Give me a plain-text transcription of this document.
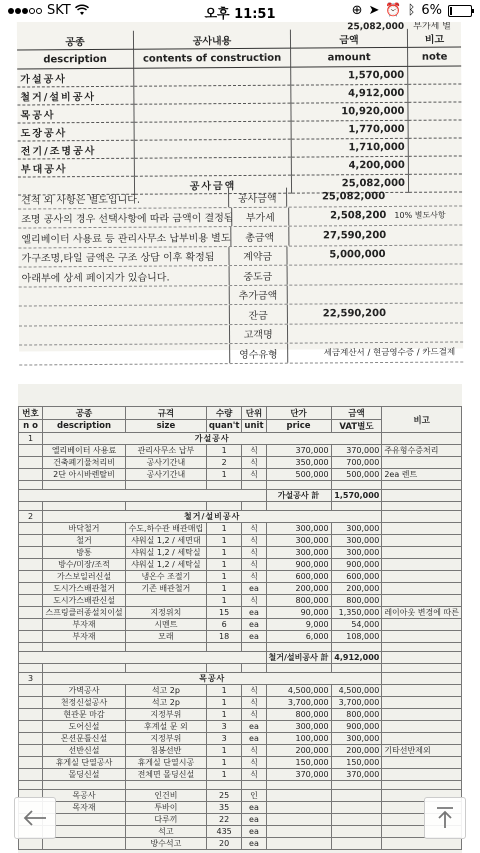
SKT	오후 11:51	⊕ ➤ ⏰ ᛒ 6%
25,082,000 부가세 별
공종	공사내용	금액	비고
description	contents of construction	amount	note
가설공사		1,570,000	
철거/설비공사		4,912,000	
목공사		10,920,000	
도장공사		1,770,000	
전기/조명공사		1,710,000	
부대공사		4,200,000	
	공사금액	25,082,000	
견적 외 사항은 별도입니다.	공사금액	25,082,000
조명 공사의 경우 선택사항에 따라 금액이 결정됨	부가세	2,508,200 10% 별도사항
엘리베이터 사용료 등 관리사무소 납부비용 별도	총금액	27,590,200
가구조명,타일 금액은 구조 상담 이후 확정됨	계약금	5,000,000
아래부에 상세 페이지가 있습니다.	중도금
추가금액
잔금	22,590,200
고객명
영수유형	세금계산서 / 현금영수증 / 카드결제
번호	공종	규격	수량	단위	단가	금액	비고
n o	description	size	quan't	unit	price	VAT별도	
1	가설공사						
	엘리베이터 사용료	관리사무소 납부	1	식	370,000	370,000	주유형수증처리
	건축폐기물처리비	공사기간내	2	식	350,000	700,000	
	2단 아시바렌탈비	공사기간내	1	식	500,000	500,000	2ea 렌트

					가설공사 計	1,570,000	

2	철거/설비공사						
	바닥철거	수도,하수관 배관매립	1	식	300,000	300,000	
	철거	샤워실 1,2 / 세면대	1	식	300,000	300,000	
	방통	샤워실 1,2 / 세탁실	1	식	300,000	300,000	
	방수/미장/조적	샤워실 1,2 / 세탁실	1	식	900,000	900,000	
	가스보일러신설	냉온수 조절기	1	식	600,000	600,000	
	도시가스배관철거	기존 배관철거	1	ea	200,000	200,000	
	도시가스배관신설		1	식	800,000	800,000	
	스프링클러종설치이설	지정위치	15	ea	90,000	1,350,000	레이아웃 변경에 따른
	부자재	시멘트	6	ea	9,000	54,000	
	부자재	모래	18	ea	6,000	108,000	

					철거/설비공사 計	4,912,000	

3	목공사						
	가벽공사	석고 2p	1	식	4,500,000	4,500,000	
	천정신설공사	석고 2p	1	식	3,700,000	3,700,000	
	현관문 마감	지정부위	1	식	800,000	800,000	
	도어신설	후계설 문 외	3	ea	300,000	900,000	
	몬션문틀신설	지정부위	3	ea	100,000	300,000	
	선반신설	침봉선반	1	식	200,000	200,000	기타선반제외
	휴게실 단열공사	휴게실 단열시공	1	식	150,000	150,000	
	몰딩신설	전체면 몰딩신설	1	식	370,000	370,000	

	목공사	인건비	25	인			
	목자재	투바이	35	ea			
		다루끼	22	ea			
		석고	435	ea			
		방수석고	20	ea			
